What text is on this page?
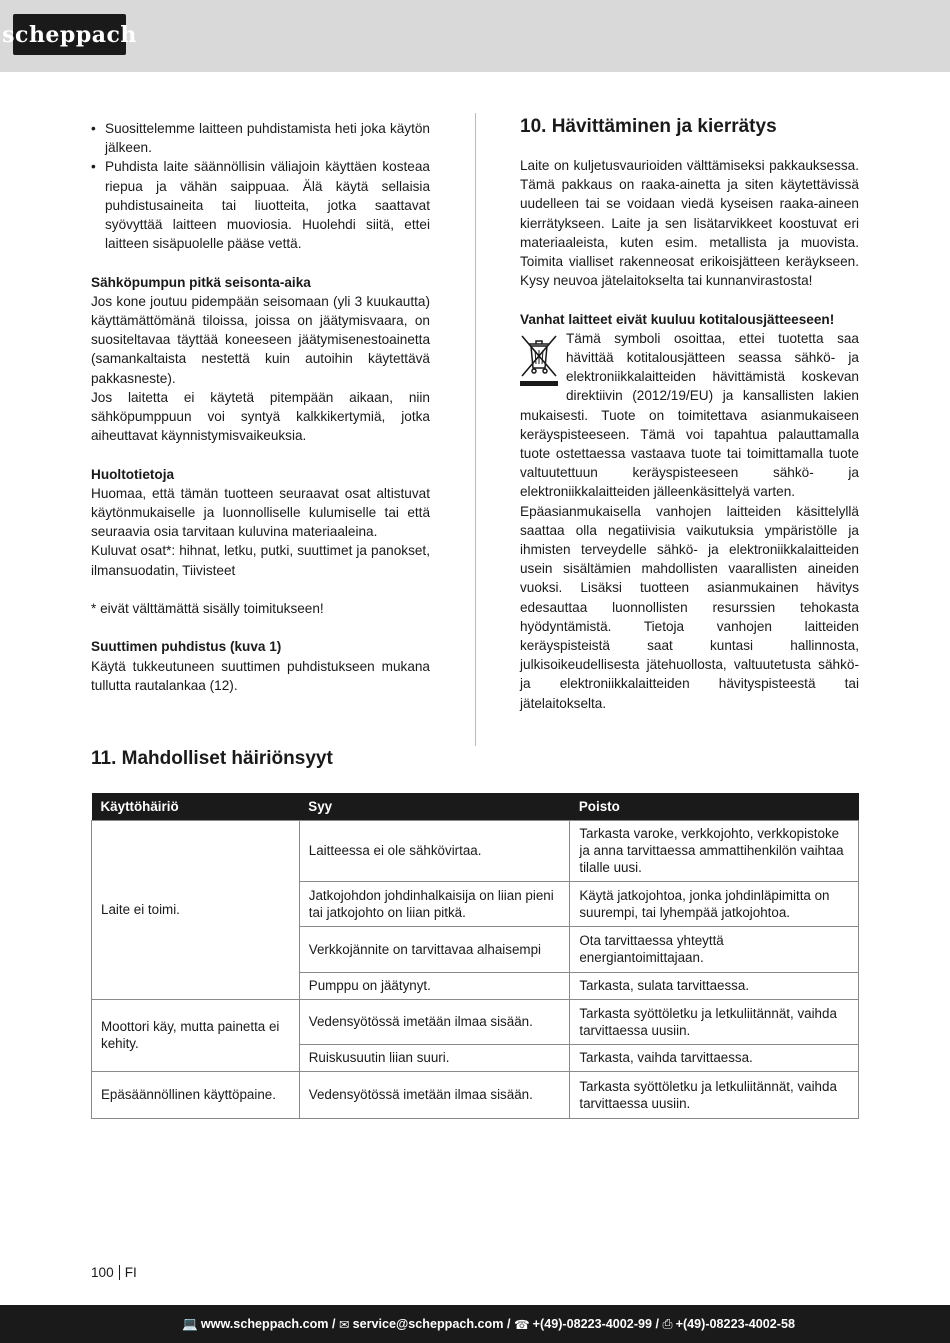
scheppach
• Suosittelemme laitteen puhdistamista heti joka käytön jälkeen.
• Puhdista laite säännöllisin väliajoin käyttäen kosteaa riepua ja vähän saippuaa. Älä käytä sellaisia puhdistusaineita tai liuotteita, jotka saattavat syövyttää laitteen muoviosia. Huolehdi siitä, ettei laitteen sisäpuolelle pääse vettä.
Sähköpumpun pitkä seisonta-aika

Jos kone joutuu pidempään seisomaan (yli 3 kuukautta) käyttämättömänä tiloissa, joissa on jäätymisvaara, on suositeltavaa täyttää koneeseen jäätymisenestoainetta (samankaltaista nestettä kuin autoihin käytettävä pakkasneste).

Jos laitetta ei käytetä pitempään aikaan, niin sähköpumppuun voi syntyä kalkkikertymiä, jotka aiheuttavat käynnistymisvaikeuksia.

Huoltotietoja

Huomaa, että tämän tuotteen seuraavat osat altistuvat käytönmukaiselle ja luonnolliselle kulumiselle tai että seuraavia osia tarvitaan kuluvina materiaaleina.

Kuluvat osat*: hihnat, letku, putki, suuttimet ja panokset, ilmansuodatin, Tiivisteet

* eivät välttämättä sisälly toimitukseen!

Suuttimen puhdistus (kuva 1)

Käytä tukkeutuneen suuttimen puhdistukseen mukana tullutta rautalankaa (12).

10. Hävittäminen ja kierrätys

Laite on kuljetusvaurioiden välttämiseksi pakkauksessa. Tämä pakkaus on raaka-ainetta ja siten käytettävissä uudelleen tai se voidaan viedä kyseisen raaka-aineen kierrätykseen. Laite ja sen lisätarvikkeet koostuvat eri materiaaleista, kuten esim. metallista ja muovista. Toimita vialliset rakenneosat erikoisjätteen keräykseen. Kysy neuvoa jätelaitokselta tai kunnanvirastosta!

Vanhat laitteet eivät kuuluu kotitalousjätteeseen!

Tämä symboli osoittaa, ettei tuotetta saa hävittää kotitalousjätteen seassa sähkö- ja elektroniikkalaitteiden hävittämistä koskevan direktiivin (2012/19/EU) ja kansallisten lakien mukaisesti. Tuote on toimitettava asianmukaiseen keräyspisteeseen. Tämä voi tapahtua palauttamalla tuote ostettaessa vastaava tuote tai toimittamalla tuote valtuutettuun keräyspisteeseen sähkö- ja elektroniikkalaitteiden jälleenkäsittelyä varten.

Epäasianmukaisella vanhojen laitteiden käsittelyllä saattaa olla negatiivisia vaikutuksia ympäristölle ja ihmisten terveydelle sähkö- ja elektroniikkalaitteiden usein sisältämien mahdollisten vaarallisten aineiden vuoksi. Lisäksi tuotteen asianmukainen hävitys edesauttaa luonnollisten resurssien tehokasta hyödyntämistä. Tietoja vanhojen laitteiden keräyspisteistä saat kuntasi hallinnosta, julkisoikeudellisesta jätehuollosta, valtuutetusta sähkö- ja elektroniikkalaitteiden hävityspisteestä tai jätelaitokselta.

11. Mahdolliset häiriönsyyt
Käyttöhäiriö	Syy	Poisto
Laite ei toimi.	Laitteessa ei ole sähkövirtaa.	Tarkasta varoke, verkkojohto, verkkopistoke ja anna tarvittaessa ammattihenkilön vaihtaa tilalle uusi.
	Jatkojohdon johdinhalkaisija on liian pieni tai jatkojohto on liian pitkä.	Käytä jatkojohtoa, jonka johdinläpimitta on suurempi, tai lyhempää jatkojohtoa.
	Verkkojännite on tarvittavaa alhaisempi	Ota tarvittaessa yhteyttä energiantoimittajaan.
	Pumppu on jäätynyt.	Tarkasta, sulata tarvittaessa.
Moottori käy, mutta painetta ei kehity.	Vedensyötössä imetään ilmaa sisään.	Tarkasta syöttöletku ja letkuliitännät, vaihda tarvittaessa uusiin.
	Ruiskusuutin liian suuri.	Tarkasta, vaihda tarvittaessa.
Epäsäännöllinen käyttöpaine.	Vedensyötössä imetään ilmaa sisään.	Tarkasta syöttöletku ja letkuliitännät, vaihda tarvittaessa uusiin.
100 FI
💻 www.scheppach.com / ✉ service@scheppach.com / ☎ +(49)-08223-4002-99 / ⎙ +(49)-08223-4002-58
